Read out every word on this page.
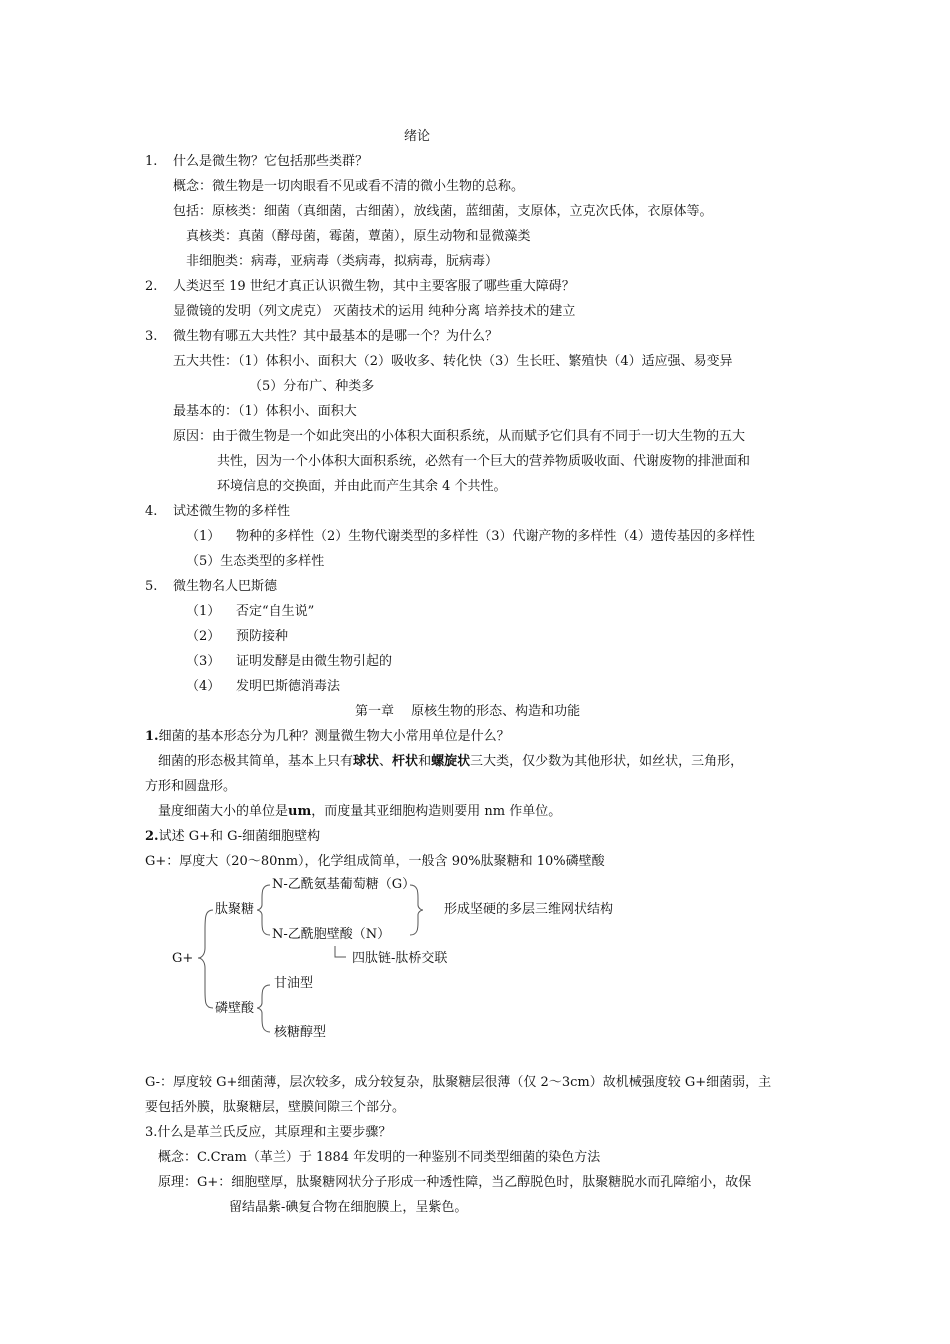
绪论
1. 什么是微生物？它包括那些类群？
概念：微生物是一切肉眼看不见或看不清的微小生物的总称。
包括：原核类：细菌（真细菌，古细菌），放线菌，蓝细菌，支原体，立克次氏体，衣原体等。
真核类：真菌（酵母菌，霉菌，蕈菌），原生动物和显微藻类
非细胞类：病毒，亚病毒（类病毒，拟病毒，朊病毒）
2. 人类迟至 19 世纪才真正认识微生物，其中主要客服了哪些重大障碍？
显微镜的发明（列文虎克） 灭菌技术的运用 纯种分离 培养技术的建立
3. 微生物有哪五大共性？其中最基本的是哪一个？为什么？
五大共性：（1）体积小、面积大（2）吸收多、转化快（3）生长旺、繁殖快（4）适应强、易变异
（5）分布广、种类多
最基本的：（1）体积小、面积大
原因：由于微生物是一个如此突出的小体积大面积系统，从而赋予它们具有不同于一切大生物的五大
共性，因为一个小体积大面积系统，必然有一个巨大的营养物质吸收面、代谢废物的排泄面和
环境信息的交换面，并由此而产生其余 4 个共性。
4. 试述微生物的多样性
（1） 物种的多样性（2）生物代谢类型的多样性（3）代谢产物的多样性（4）遗传基因的多样性
（5）生态类型的多样性
5. 微生物名人巴斯德
（1） 否定“自生说”
（2） 预防接种
（3） 证明发酵是由微生物引起的
（4） 发明巴斯德消毒法
第一章　 原核生物的形态、构造和功能
1.细菌的基本形态分为几种？测量微生物大小常用单位是什么？
细菌的形态极其简单，基本上只有球状、杆状和螺旋状三大类，仅少数为其他形状，如丝状，三角形，
方形和圆盘形。
量度细菌大小的单位是um，而度量其亚细胞构造则要用 nm 作单位。
2.试述 G+和 G-细菌细胞壁构
G+：厚度大（20～80nm），化学组成简单，一般含 90%肽聚糖和 10%磷壁酸
G+
肽聚糖
N-乙酰氨基葡萄糖（G）
N-乙酰胞壁酸（N）
形成坚硬的多层三维网状结构
四肽链-肽桥交联
磷壁酸
甘油型
核糖醇型
G-：厚度较 G+细菌薄，层次较多，成分较复杂，肽聚糖层很薄（仅 2～3cm）故机械强度较 G+细菌弱，主
要包括外膜，肽聚糖层，壁膜间隙三个部分。
3.什么是革兰氏反应，其原理和主要步骤？
概念：C.Cram（革兰）于 1884 年发明的一种鉴别不同类型细菌的染色方法
原理：G+：细胞壁厚，肽聚糖网状分子形成一种透性障，当乙醇脱色时，肽聚糖脱水而孔障缩小，故保
留结晶紫-碘复合物在细胞膜上，呈紫色。
